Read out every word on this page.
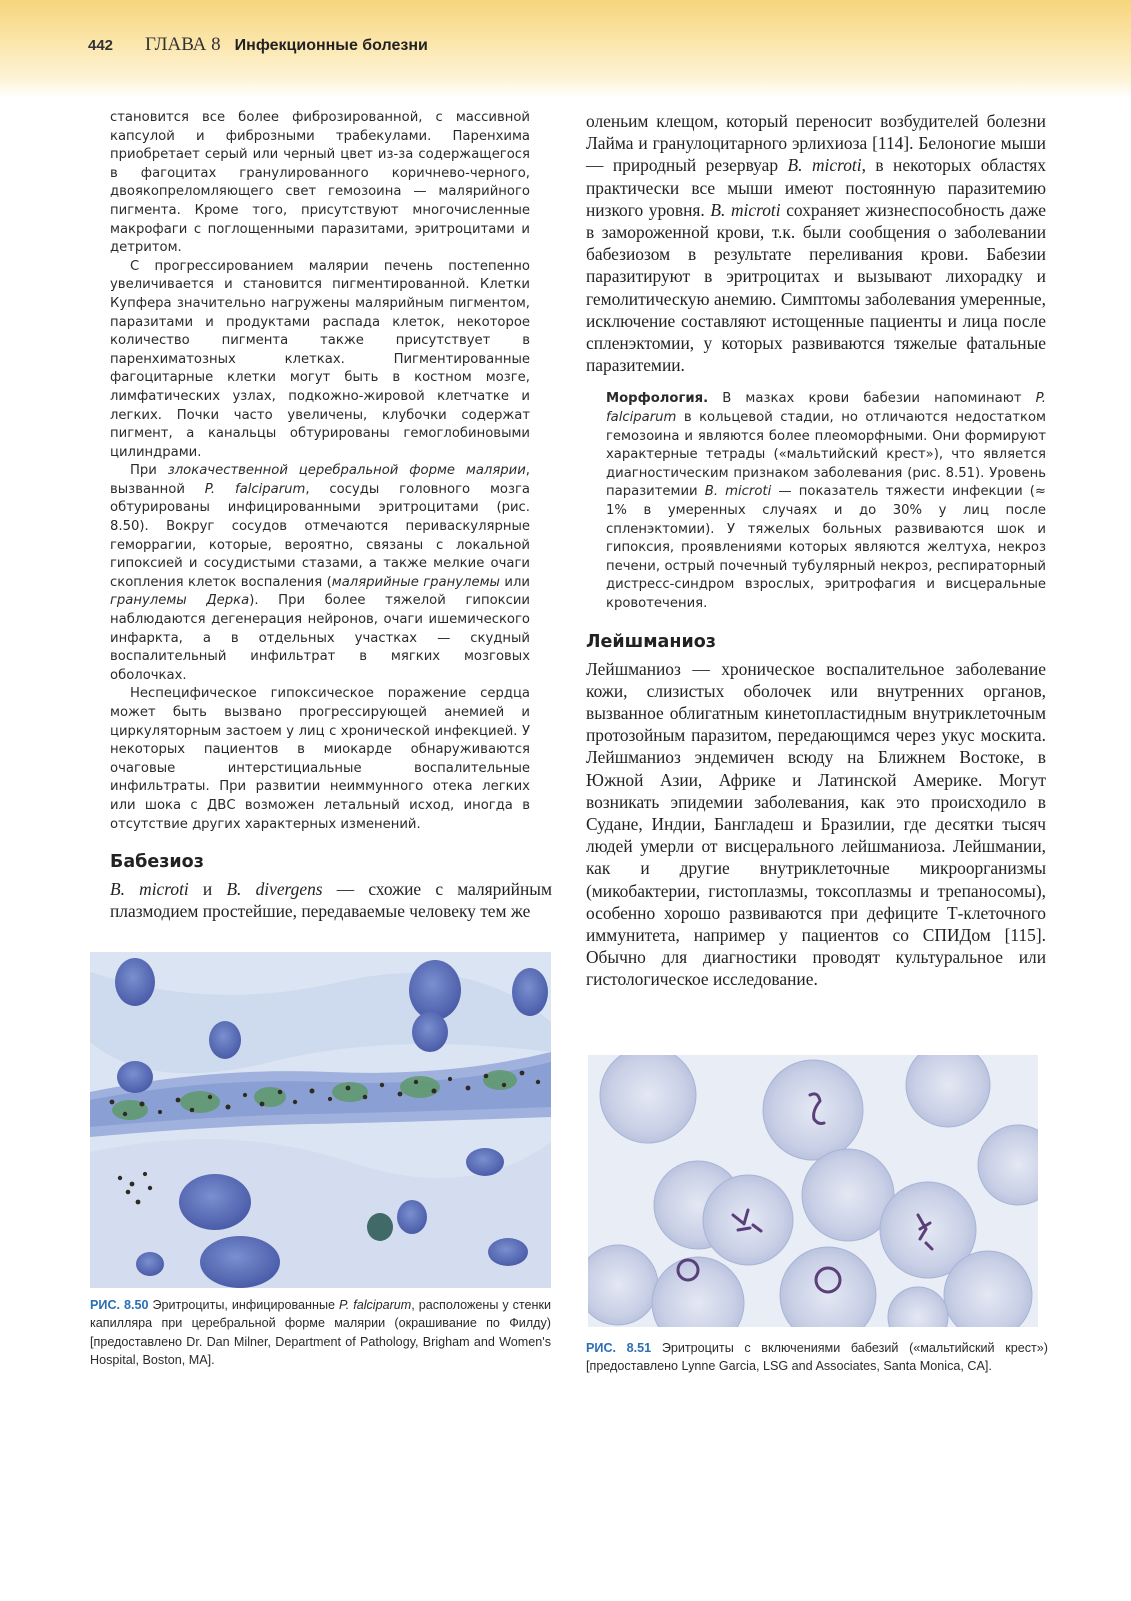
442 ГЛАВА 8 Инфекционные болезни

становится все более фиброзированной, с массивной капсулой и фиброзными трабекулами. Паренхима приобретает серый или черный цвет из-за содержащегося в фагоцитах гранулированного коричнево-черного, двоякопреломляющего свет гемозоина — малярийного пигмента. Кроме того, присутствуют многочисленные макрофаги с поглощенными паразитами, эритроцитами и детритом.

С прогрессированием малярии печень постепенно увеличивается и становится пигментированной. Клетки Купфера значительно нагружены малярийным пигментом, паразитами и продуктами распада клеток, некоторое количество пигмента также присутствует в паренхиматозных клетках. Пигментированные фагоцитарные клетки могут быть в костном мозге, лимфатических узлах, подкожно-жировой клетчатке и легких. Почки часто увеличены, клубочки содержат пигмент, а канальцы обтурированы гемоглобиновыми цилиндрами.

При злокачественной церебральной форме малярии, вызванной P. falciparum, сосуды головного мозга обтурированы инфицированными эритроцитами (рис. 8.50). Вокруг сосудов отмечаются периваскулярные геморрагии, которые, вероятно, связаны с локальной гипоксией и сосудистыми стазами, а также мелкие очаги скопления клеток воспаления (малярийные гранулемы или гранулемы Дерка). При более тяжелой гипоксии наблюдаются дегенерация нейронов, очаги ишемического инфаркта, а в отдельных участках — скудный воспалительный инфильтрат в мягких мозговых оболочках.

Неспецифическое гипоксическое поражение сердца может быть вызвано прогрессирующей анемией и циркуляторным застоем у лиц с хронической инфекцией. У некоторых пациентов в миокарде обнаруживаются очаговые интерстициальные воспалительные инфильтраты. При развитии неиммунного отека легких или шока с ДВС возможен летальный исход, иногда в отсутствие других характерных изменений.

Бабезиоз

B. microti и B. divergens — схожие с малярийным плазмодием простейшие, передаваемые человеку тем же

РИС. 8.50 Эритроциты, инфицированные P. falciparum, расположены у стенки капилляра при церебральной форме малярии (окрашивание по Филду) [предоставлено Dr. Dan Milner, Department of Pathology, Brigham and Women's Hospital, Boston, MA].

оленьим клещом, который переносит возбудителей болезни Лайма и гранулоцитарного эрлихиоза [114]. Белоногие мыши — природный резервуар B. microti, в некоторых областях практически все мыши имеют постоянную паразитемию низкого уровня. B. microti сохраняет жизнеспособность даже в замороженной крови, т.к. были сообщения о заболевании бабезиозом в результате переливания крови. Бабезии паразитируют в эритроцитах и вызывают лихорадку и гемолитическую анемию. Симптомы заболевания умеренные, исключение составляют истощенные пациенты и лица после спленэктомии, у которых развиваются тяжелые фатальные паразитемии.

Морфология. В мазках крови бабезии напоминают P. falciparum в кольцевой стадии, но отличаются недостатком гемозоина и являются более плеоморфными. Они формируют характерные тетрады («мальтийский крест»), что является диагностическим признаком заболевания (рис. 8.51). Уровень паразитемии B. microti — показатель тяжести инфекции (≈ 1% в умеренных случаях и до 30% у лиц после спленэктомии). У тяжелых больных развиваются шок и гипоксия, проявлениями которых являются желтуха, некроз печени, острый почечный тубулярный некроз, респираторный дистресс-синдром взрослых, эритрофагия и висцеральные кровотечения.

Лейшманиоз

Лейшманиоз — хроническое воспалительное заболевание кожи, слизистых оболочек или внутренних органов, вызванное облигатным кинетопластидным внутриклеточным протозойным паразитом, передающимся через укус москита. Лейшманиоз эндемичен всюду на Ближнем Востоке, в Южной Азии, Африке и Латинской Америке. Могут возникать эпидемии заболевания, как это происходило в Судане, Индии, Бангладеш и Бразилии, где десятки тысяч людей умерли от висцерального лейшманиоза. Лейшмании, как и другие внутриклеточные микроорганизмы (микобактерии, гистоплазмы, токсоплазмы и трепаносомы), особенно хорошо развиваются при дефиците Т-клеточного иммунитета, например у пациентов со СПИДом [115]. Обычно для диагностики проводят культуральное или гистологическое исследование.

РИС. 8.51 Эритроциты с включениями бабезий («мальтийский крест») [предоставлено Lynne Garcia, LSG and Associates, Santa Monica, CA].
